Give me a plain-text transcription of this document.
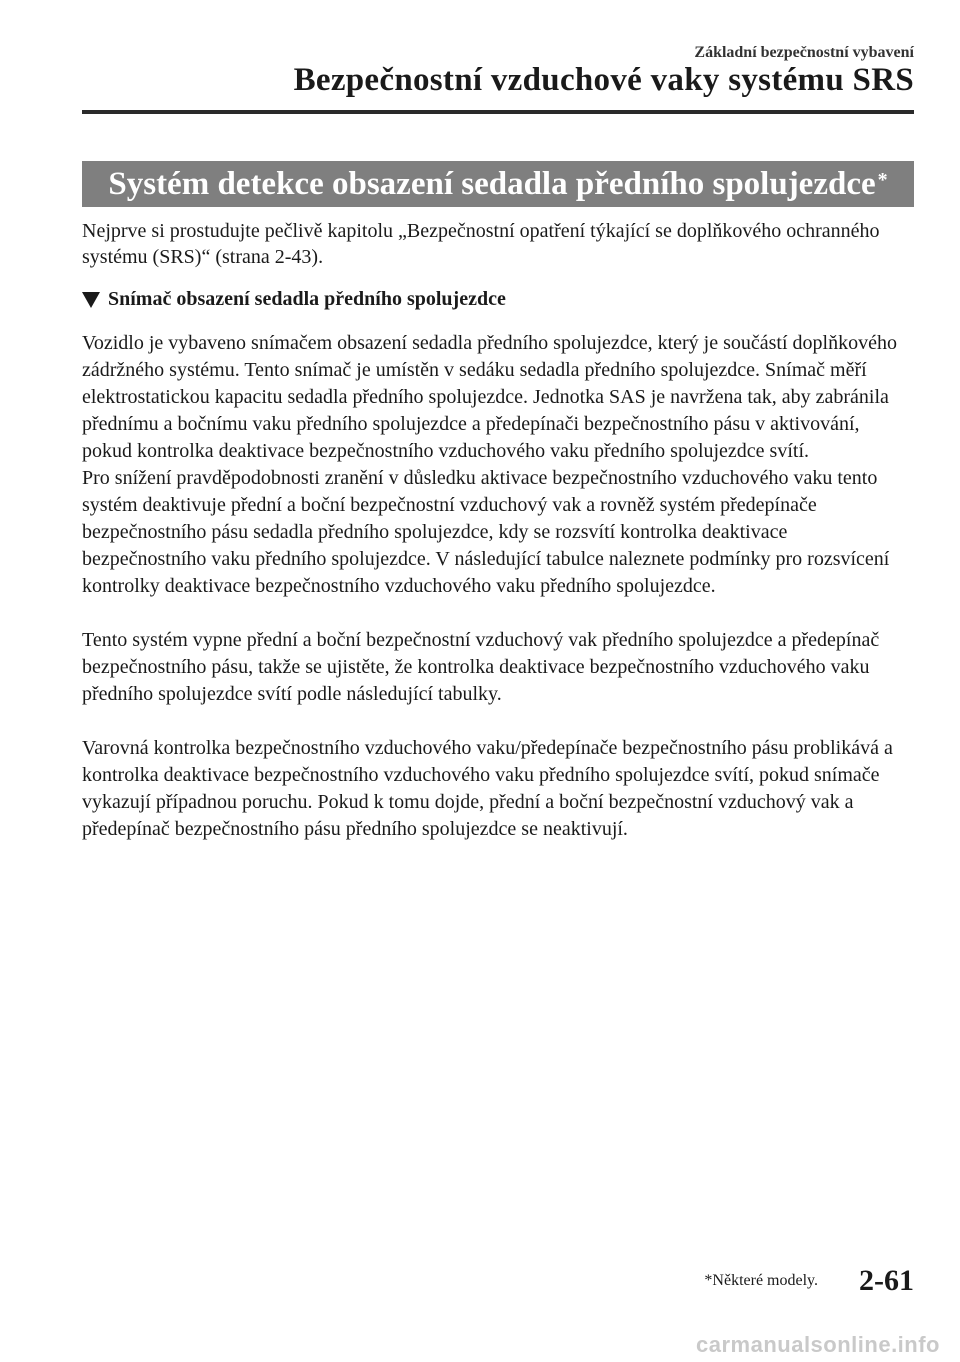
Základní bezpečnostní vybavení
Bezpečnostní vzduchové vaky systému SRS
Systém detekce obsazení sedadla předního spolujezdce*

Nejprve si prostudujte pečlivě kapitolu „Bezpečnostní opatření týkající se doplňkového ochranného systému (SRS)“ (strana 2-43).

Snímač obsazení sedadla předního spolujezdce

Vozidlo je vybaveno snímačem obsazení sedadla předního spolujezdce, který je součástí doplňkového zádržného systému. Tento snímač je umístěn v sedáku sedadla předního spolujezdce. Snímač měří elektrostatickou kapacitu sedadla předního spolujezdce. Jednotka SAS je navržena tak, aby zabránila přednímu a bočnímu vaku předního spolujezdce a předepínači bezpečnostního pásu v aktivování, pokud kontrolka deaktivace bezpečnostního vzduchového vaku předního spolujezdce svítí.

Pro snížení pravděpodobnosti zranění v důsledku aktivace bezpečnostního vzduchového vaku tento systém deaktivuje přední a boční bezpečnostní vzduchový vak a rovněž systém předepínače bezpečnostního pásu sedadla předního spolujezdce, kdy se rozsvítí kontrolka deaktivace bezpečnostního vaku předního spolujezdce. V následující tabulce naleznete podmínky pro rozsvícení kontrolky deaktivace bezpečnostního vzduchového vaku předního spolujezdce.

Tento systém vypne přední a boční bezpečnostní vzduchový vak předního spolujezdce a předepínač bezpečnostního pásu, takže se ujistěte, že kontrolka deaktivace bezpečnostního vzduchového vaku předního spolujezdce svítí podle následující tabulky.

Varovná kontrolka bezpečnostního vzduchového vaku/předepínače bezpečnostního pásu problikává a kontrolka deaktivace bezpečnostního vzduchového vaku předního spolujezdce svítí, pokud snímače vykazují případnou poruchu. Pokud k tomu dojde, přední a boční bezpečnostní vzduchový vak a předepínač bezpečnostního pásu předního spolujezdce se neaktivují.

*Některé modely. 2-61
carmanualsonline.info
